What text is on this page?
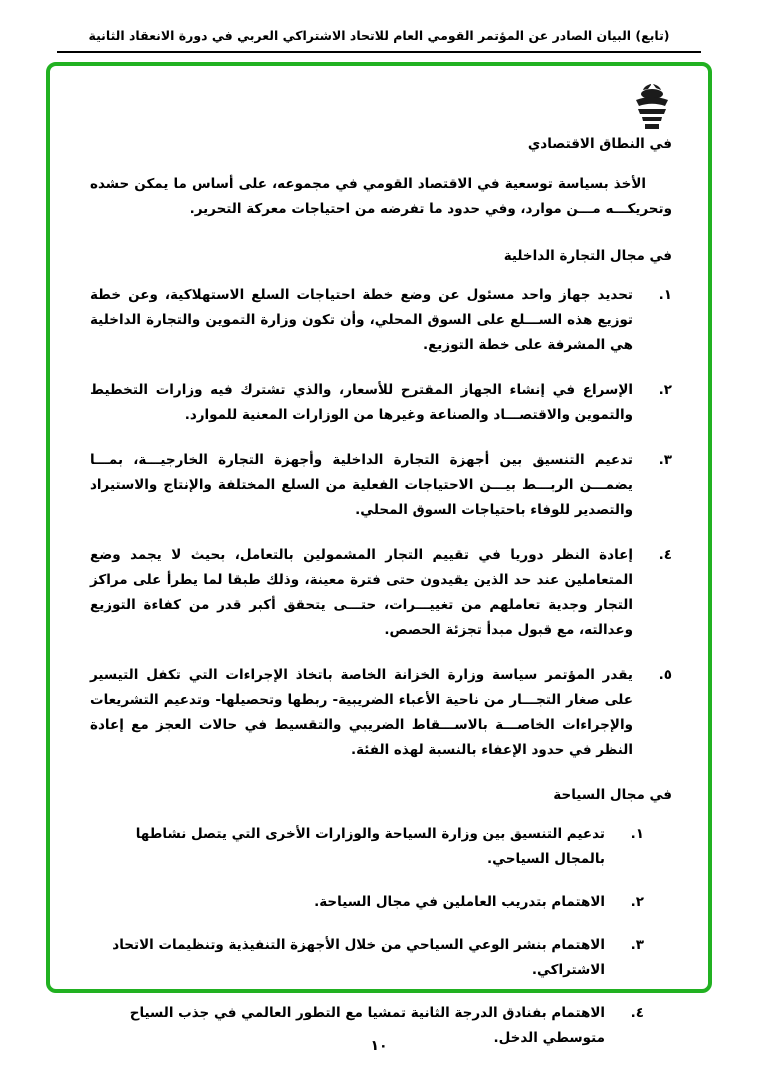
(تابع) البيان الصادر عن المؤتمر القومي العام للاتحاد الاشتراكي العربي في دورة الانعقاد الثانية
في النطاق الاقتصادي

الأخذ بسياسة توسعية في الاقتصاد القومي في مجموعه، على أساس ما يمكن حشده وتحريكـــه مـــن موارد، وفي حدود ما تفرضه من احتياجات معركة التحرير.

في مجال التجارة الداخلية
١.
تحديد جهاز واحد مسئول عن وضع خطة احتياجات السلع الاستهلاكية، وعن خطة توزيع هذه الســـلع على السوق المحلي، وأن تكون وزارة التموين والتجارة الداخلية هي المشرفة على خطة التوزيع.
٢.
الإسراع في إنشاء الجهاز المقترح للأسعار، والذي تشترك فيه وزارات التخطيط والتموين والاقتصـــاد والصناعة وغيرها من الوزارات المعنية للموارد.
٣.
تدعيم التنسيق بين أجهزة التجارة الداخلية وأجهزة التجارة الخارجيـــة، بمـــا يضمـــن الربـــط بيـــن الاحتياجات الفعلية من السلع المختلفة والإنتاج والاستيراد والتصدير للوفاء باحتياجات السوق المحلي.
٤.
إعادة النظر دوريا في تقييم التجار المشمولين بالتعامل، بحيث لا يجمد وضع المتعاملين عند حد الذين يقيدون حتى فترة معينة، وذلك طبقا لما يطرأ على مراكز التجار وجدية تعاملهم من تغييـــرات، حتـــى يتحقق أكبر قدر من كفاءة التوزيع وعدالته، مع قبول مبدأ تجزئة الحصص.
٥.
يقدر المؤتمر سياسة وزارة الخزانة الخاصة باتخاذ الإجراءات التي تكفل التيسير على صغار التجـــار من ناحية الأعباء الضريبية- ربطها وتحصيلها- وتدعيم التشريعات والإجراءات الخاصـــة بالاســـقاط الضريبي والتقسيط في حالات العجز مع إعادة النظر في حدود الإعفاء بالنسبة لهذه الفئة.
في مجال السياحة
١.
تدعيم التنسيق بين وزارة السياحة والوزارات الأخرى التي يتصل نشاطها بالمجال السياحي.
٢.
الاهتمام بتدريب العاملين في مجال السياحة.
٣.
الاهتمام بنشر الوعي السياحي من خلال الأجهزة التنفيذية وتنظيمات الاتحاد الاشتراكي.
٤.
الاهتمام بفنادق الدرجة الثانية تمشيا مع التطور العالمي في جذب السياح متوسطي الدخل.
١٠
